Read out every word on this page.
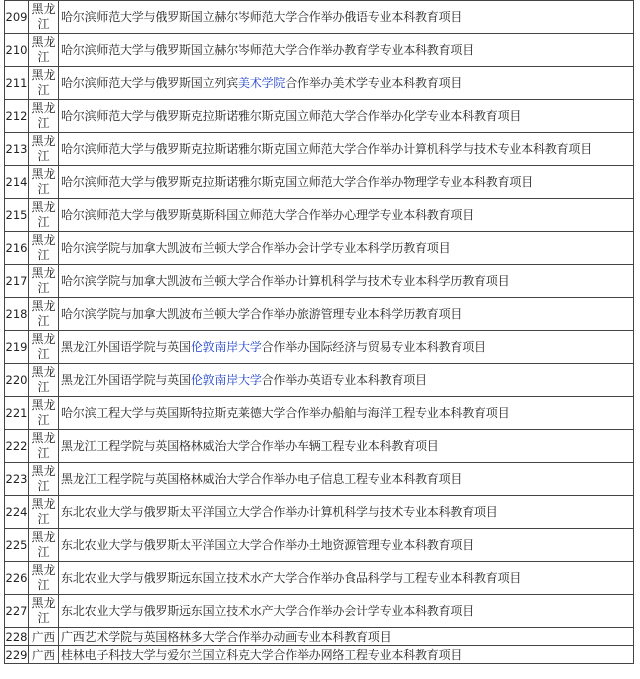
209	黑龙江	哈尔滨师范大学与俄罗斯国立赫尔岑师范大学合作举办俄语专业本科教育项目
210	黑龙江	哈尔滨师范大学与俄罗斯国立赫尔岑师范大学合作举办教育学专业本科教育项目
211	黑龙江	哈尔滨师范大学与俄罗斯国立列宾美术学院合作举办美术学专业本科教育项目
212	黑龙江	哈尔滨师范大学与俄罗斯克拉斯诺雅尔斯克国立师范大学合作举办化学专业本科教育项目
213	黑龙江	哈尔滨师范大学与俄罗斯克拉斯诺雅尔斯克国立师范大学合作举办计算机科学与技术专业本科教育项目
214	黑龙江	哈尔滨师范大学与俄罗斯克拉斯诺雅尔斯克国立师范大学合作举办物理学专业本科教育项目
215	黑龙江	哈尔滨师范大学与俄罗斯莫斯科国立师范大学合作举办心理学专业本科教育项目
216	黑龙江	哈尔滨学院与加拿大凯波布兰顿大学合作举办会计学专业本科学历教育项目
217	黑龙江	哈尔滨学院与加拿大凯波布兰顿大学合作举办计算机科学与技术专业本科学历教育项目
218	黑龙江	哈尔滨学院与加拿大凯波布兰顿大学合作举办旅游管理专业本科学历教育项目
219	黑龙江	黑龙江外国语学院与英国伦敦南岸大学合作举办国际经济与贸易专业本科教育项目
220	黑龙江	黑龙江外国语学院与英国伦敦南岸大学合作举办英语专业本科教育项目
221	黑龙江	哈尔滨工程大学与英国斯特拉斯克莱德大学合作举办船舶与海洋工程专业本科教育项目
222	黑龙江	黑龙江工程学院与英国格林威治大学合作举办车辆工程专业本科教育项目
223	黑龙江	黑龙江工程学院与英国格林威治大学合作举办电子信息工程专业本科教育项目
224	黑龙江	东北农业大学与俄罗斯太平洋国立大学合作举办计算机科学与技术专业本科教育项目
225	黑龙江	东北农业大学与俄罗斯太平洋国立大学合作举办土地资源管理专业本科教育项目
226	黑龙江	东北农业大学与俄罗斯远东国立技术水产大学合作举办食品科学与工程专业本科教育项目
227	黑龙江	东北农业大学与俄罗斯远东国立技术水产大学合作举办会计学专业本科教育项目
228	广西	广西艺术学院与英国格林多大学合作举办动画专业本科教育项目
229	广西	桂林电子科技大学与爱尔兰国立科克大学合作举办网络工程专业本科教育项目
